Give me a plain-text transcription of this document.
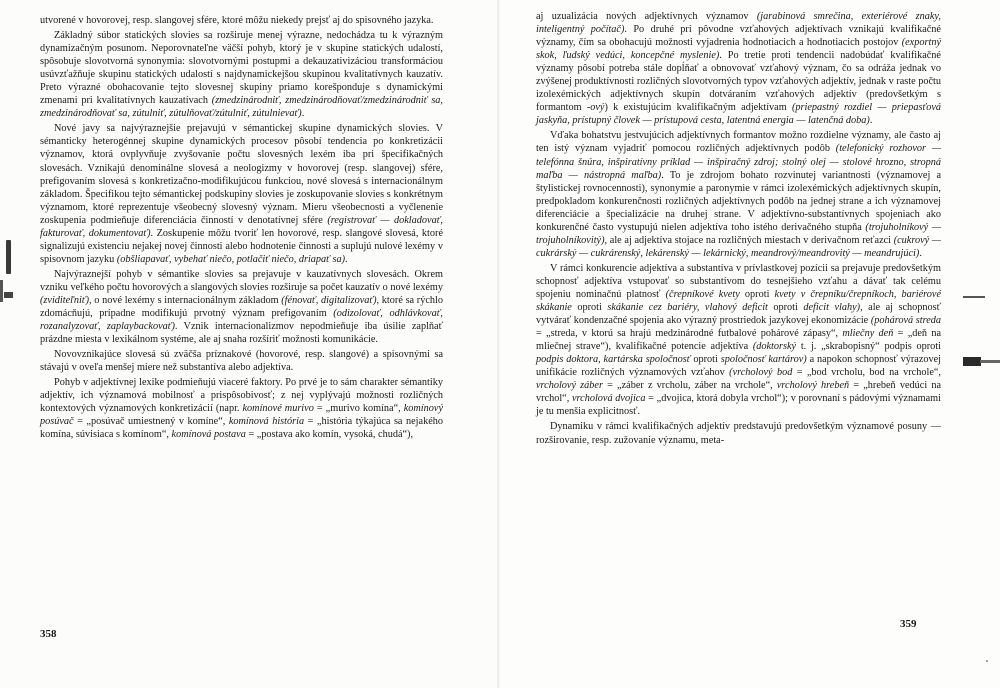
utvorené v hovorovej, resp. slangovej sfére, ktoré môžu niekedy prejsť aj do spisovného jazyka.

Základný súbor statických slovies sa rozširuje menej výrazne, nedochádza tu k výrazným dynamizačným posunom. Neporovnateľne väčší pohyb, ktorý je v skupine statických udalostí, spôsobuje slovotvorná synonymia: slovotvornými postupmi a dekauzativizáciou transformáciou usúvzťažňuje skupinu statických udalostí s najdynamickejšou skupinou kvalitatívnych kauzatív. Preto výrazné obohacovanie tejto slovesnej skupiny priamo korešponduje s dynamickými zmenami pri kvalitatívnych kauzatívach (zmedzinárodniť, zmedzinárodňovať/zmedzinárodniť sa, zmedzinárodňovať sa, zútulniť, zútulňovať/zútulniť, zútulnievať).

Nové javy sa najvýraznejšie prejavujú v sémantickej skupine dynamických slovies. V sémanticky heterogénnej skupine dynamických procesov pôsobí tendencia po konkretizácii významov, ktorá ovplyvňuje zvyšovanie počtu slovesných lexém iba pri špecifikačných slovesách. Vznikajú denominálne slovesá a neologizmy v hovorovej (resp. slangovej) sfére, prefigovaním slovesá s konkretizačno-modifikujúcou funkciou, nové slovesá s internacionálnym základom. Špecifikou tejto sémantickej podskupiny slovies je zoskupovanie slovies s konkrétnym významom, ktoré reprezentuje všeobecný slovesný význam. Mieru všeobecnosti a vyčlenenie zoskupenia podmieňuje diferenciácia činností v denotatívnej sfére (registrovať — dokladovať, fakturovať, dokumentovať). Zoskupenie môžu tvoriť len hovorové, resp. slangové slovesá, ktoré signalizujú existenciu nejakej novej činnosti alebo hodnotenie činnosti a suplujú nulové lexémy v spisovnom jazyku (obšliapavať, vybehať niečo, potlačiť niečo, driapať sa).

Najvýraznejší pohyb v sémantike slovies sa prejavuje v kauzatívnych slovesách. Okrem vzniku veľkého počtu hovorových a slangových slovies rozširuje sa počet kauzatív o nové lexémy (zviditeľniť), o nové lexémy s internacionálnym základom (fénovať, digitalizovať), ktoré sa rýchlo zdomácňujú, prípadne modifikujú prvotný význam prefigovaním (odizolovať, odhlávkovať, rozanalyzovať, zaplaybackovať). Vznik internacionalizmov nepodmieňuje iba úsilie zaplňať prázdne miesta v lexikálnom systéme, ale aj snaha rozšíriť možnosti komunikácie.

Novovznikajúce slovesá sú zväčša príznakové (hovorové, resp. slangové) a spisovnými sa stávajú v oveľa menšej miere než substantíva alebo adjektíva.

Pohyb v adjektívnej lexike podmieňujú viaceré faktory. Po prvé je to sám charakter sémantiky adjektív, ich významová mobilnosť a prispôsobivosť; z nej vyplývajú možnosti rozličných kontextových významových konkretizácií (napr. komínové murivo = „murivo komína“, komínový posúvač = „posúvač umiestnený v komíne“, komínová história = „história týkajúca sa nejakého komína, súvisiaca s komínom“, komínová postava = „postava ako komín, vysoká, chudá“),

358

aj uzualizácia nových adjektívnych významov (jarabinová smrečina, exteriérové znaky, inteligentný počítač). Po druhé pri pôvodne vzťahových adjektívach vznikajú kvalifikačné významy, čím sa obohacujú možnosti vyjadrenia hodnotiacich a hodnotiacich postojov (exportný skok, ľudský vedúci, koncepčné myslenie). Po tretie proti tendencii nadobúdať kvalifikačné významy pôsobí potreba stále dopĺňať a obnovovať vzťahový význam, čo sa odráža jednak vo zvýšenej produktívnosti rozličných slovotvorných typov vzťahových adjektív, jednak v raste počtu izolexémických adjektívnych skupín dotváraním vzťahových adjektív (predovšetkým s formantom -ový) k existujúcim kvalifikačným adjektívam (priepastný rozdiel — priepasťová jaskyňa, prístupný človek — prístupová cesta, latentná energia — latenčná doba).

Vďaka bohatstvu jestvujúcich adjektívnych formantov možno rozdielne významy, ale často aj ten istý význam vyjadriť pomocou rozličných adjektívnych podôb (telefonický rozhovor — telefónna šnúra, inšpiratívny príklad — inšpiračný zdroj; stolný olej — stolové hrozno, stropná maľba — nástropná maľba). To je zdrojom bohato rozvinutej variantnosti (významovej a štylistickej rovnocennosti), synonymie a paronymie v rámci izolexémických adjektívnych skupín, predpokladom konkurenčnosti rozličných adjektívnych podôb na jednej strane a ich významovej diferenciácie a špecializácie na druhej strane. V adjektívno-substantívnych spojeniach ako konkurenčné často vystupujú nielen adjektíva toho istého derivačného stupňa (trojuholníkový — trojuholníkovitý), ale aj adjektíva stojace na rozličných miestach v derivačnom reťazci (cukrový — cukrárský — cukrárenský, lekárenský — lekárnický, meandrový/meandrovitý — meandrujúci).

V rámci konkurencie adjektíva a substantíva v prívlastkovej pozícii sa prejavuje predovšetkým schopnosť adjektíva vstupovať so substantívom do tesnejšieho vzťahu a dávať tak celému spojeniu nominačnú platnosť (črepníkové kvety oproti kvety v črepníku/črepníkoch, bariérové skákanie oproti skákanie cez bariéry, vlahový deficit oproti deficit vlahy), ale aj schopnosť vytvárať kondenzačné spojenia ako výrazný prostriedok jazykovej ekonomizácie (pohárová streda = „streda, v ktorú sa hrajú medzinárodné futbalové pohárové zápasy“, mliečny deň = „deň na mliečnej strave“), kvalifikačné potencie adjektíva (doktorský t. j. „skrabopisný“ podpis oproti podpis doktora, kartárska spoločnosť oproti spoločnosť kartárov) a napokon schopnosť výrazovej unifikácie rozličných významových vzťahov (vrcholový bod = „bod vrcholu, bod na vrchole“, vrcholový záber = „záber z vrcholu, záber na vrchole“, vrcholový hrebeň = „hrebeň vedúci na vrchol“, vrcholová dvojica = „dvojica, ktorá dobyla vrchol“); v porovnaní s pádovými významami je tu menšia explicitnosť.

Dynamiku v rámci kvalifikačných adjektív predstavujú predovšetkým významové posuny — rozširovanie, resp. zužovanie významu, meta-

359
